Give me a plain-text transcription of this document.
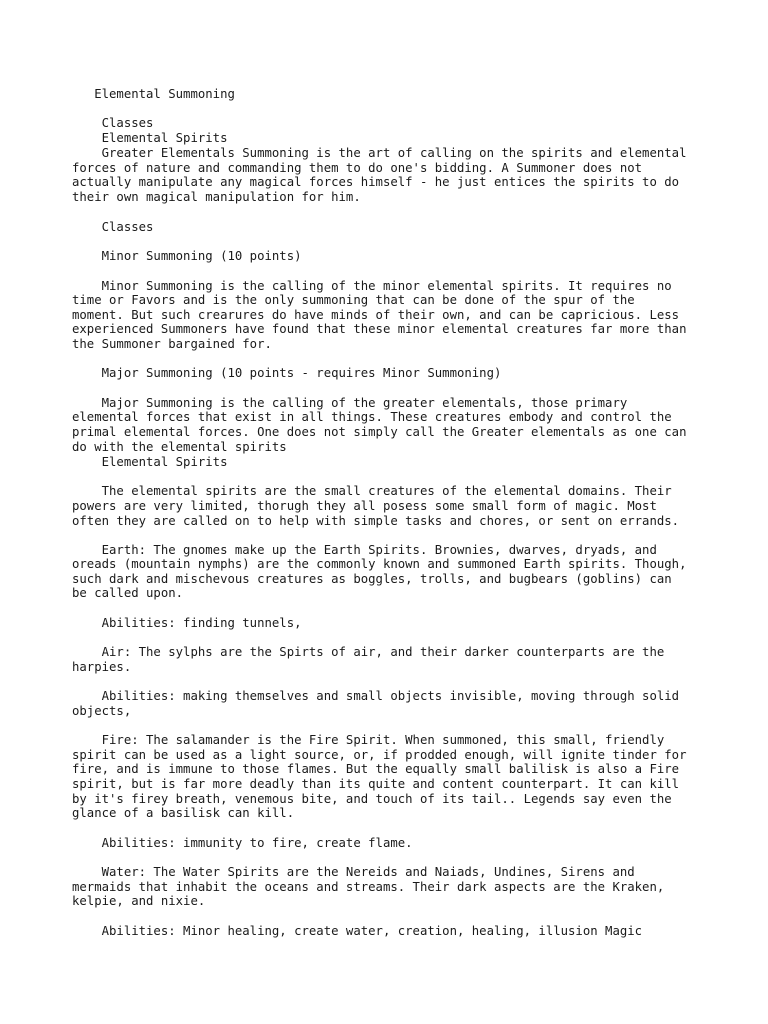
Elemental Summoning
Classes
Elemental Spirits
Greater Elementals Summoning is the art of calling on the spirits and elemental
forces of nature and commanding them to do one's bidding. A Summoner does not
actually manipulate any magical forces himself - he just entices the spirits to do
their own magical manipulation for him.
Classes
Minor Summoning (10 points)
Minor Summoning is the calling of the minor elemental spirits. It requires no
time or Favors and is the only summoning that can be done of the spur of the
moment. But such crearures do have minds of their own, and can be capricious. Less
experienced Summoners have found that these minor elemental creatures far more than
the Summoner bargained for.
Major Summoning (10 points - requires Minor Summoning)
Major Summoning is the calling of the greater elementals, those primary
elemental forces that exist in all things. These creatures embody and control the
primal elemental forces. One does not simply call the Greater elementals as one can
do with the elemental spirits
Elemental Spirits
The elemental spirits are the small creatures of the elemental domains. Their
powers are very limited, thorugh they all posess some small form of magic. Most
often they are called on to help with simple tasks and chores, or sent on errands.
Earth: The gnomes make up the Earth Spirits. Brownies, dwarves, dryads, and
oreads (mountain nymphs) are the commonly known and summoned Earth spirits. Though,
such dark and mischevous creatures as boggles, trolls, and bugbears (goblins) can
be called upon.
Abilities: finding tunnels,
Air: The sylphs are the Spirts of air, and their darker counterparts are the
harpies.
Abilities: making themselves and small objects invisible, moving through solid
objects,
Fire: The salamander is the Fire Spirit. When summoned, this small, friendly
spirit can be used as a light source, or, if prodded enough, will ignite tinder for
fire, and is immune to those flames. But the equally small balilisk is also a Fire
spirit, but is far more deadly than its quite and content counterpart. It can kill
by it's firey breath, venemous bite, and touch of its tail.. Legends say even the
glance of a basilisk can kill.
Abilities: immunity to fire, create flame.
Water: The Water Spirits are the Nereids and Naiads, Undines, Sirens and
mermaids that inhabit the oceans and streams. Their dark aspects are the Kraken,
kelpie, and nixie.
Abilities: Minor healing, create water, creation, healing, illusion Magic
